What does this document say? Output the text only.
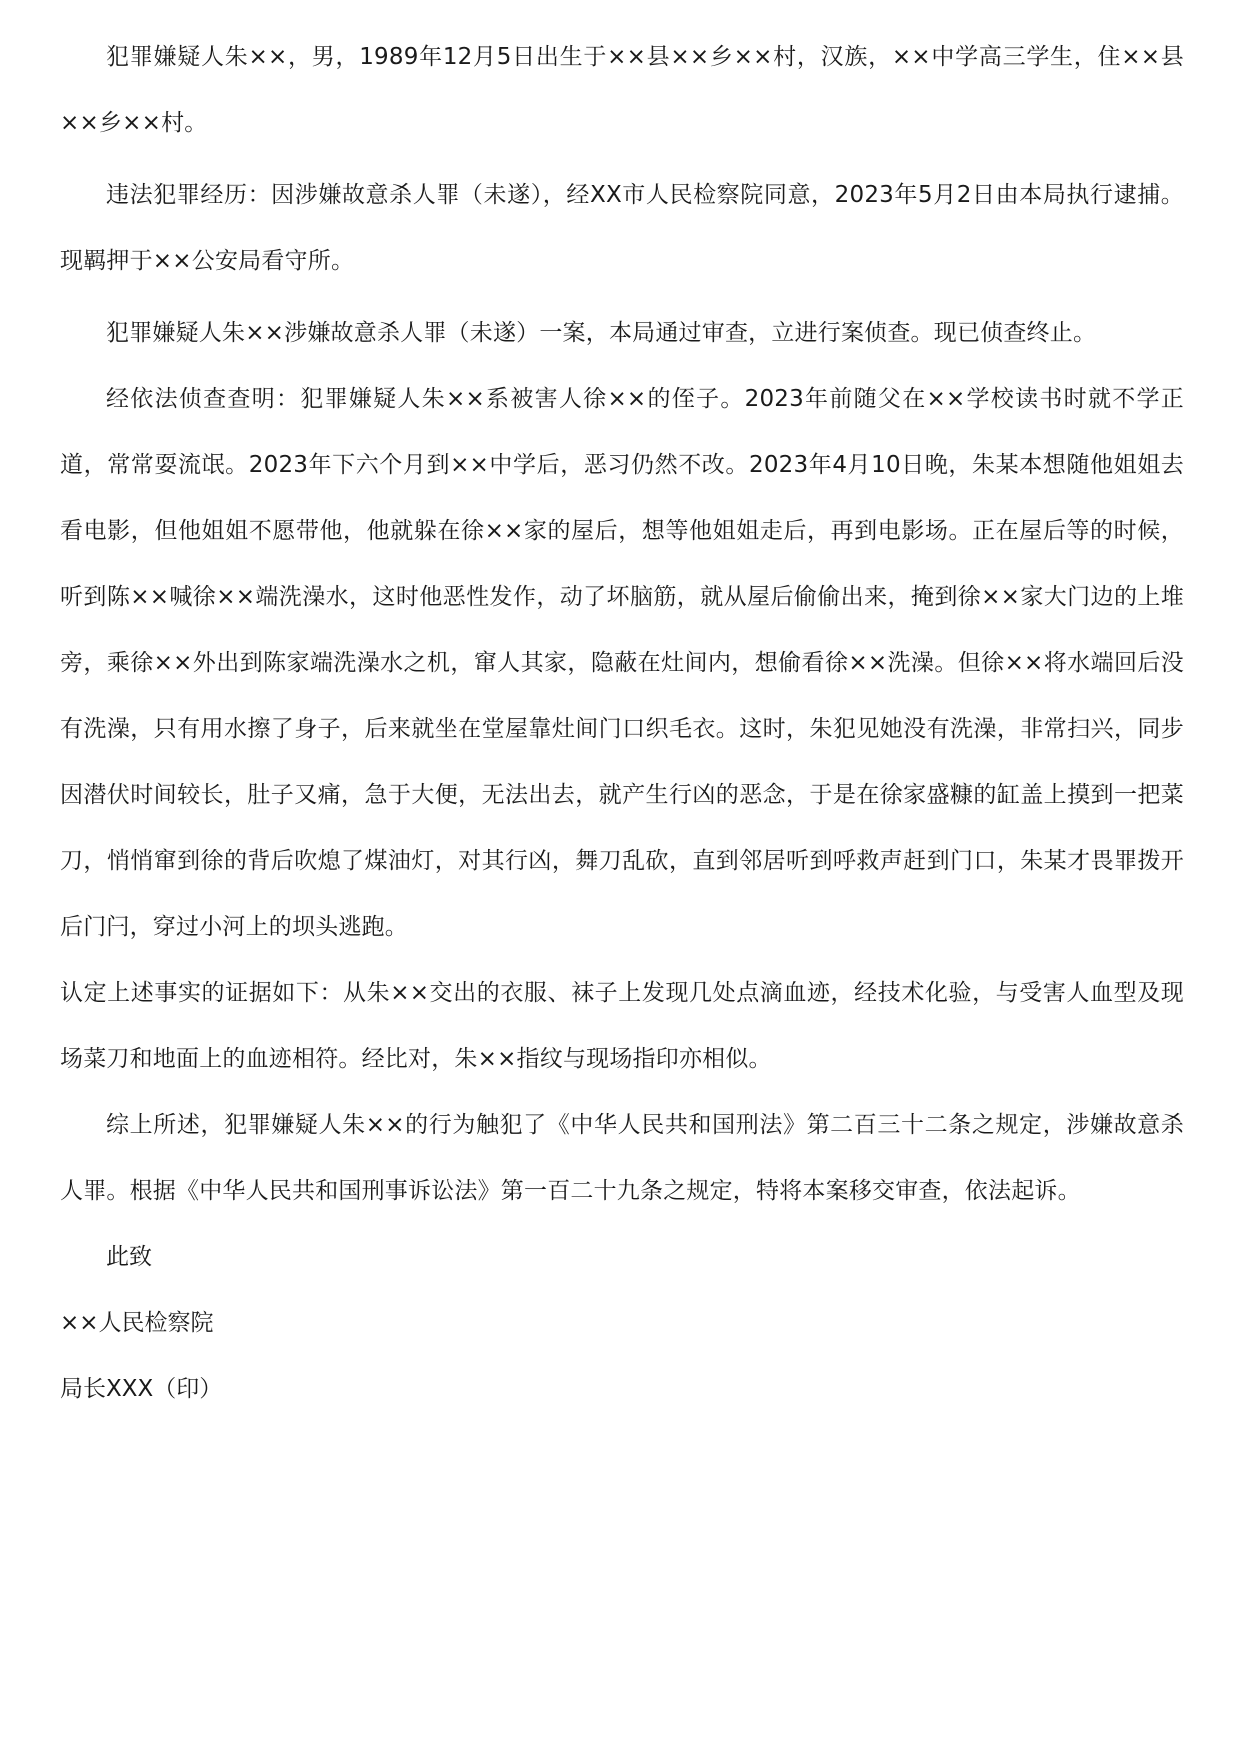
犯罪嫌疑人朱××，男，1989年12月5日出生于××县××乡××村，汉族，××中学高三学生，住××县××乡××村。

违法犯罪经历：因涉嫌故意杀人罪（未遂），经XX市人民检察院同意，2023年5月2日由本局执行逮捕。现羁押于××公安局看守所。

犯罪嫌疑人朱××涉嫌故意杀人罪（未遂）一案，本局通过审查，立进行案侦查。现已侦查终止。

经依法侦查查明：犯罪嫌疑人朱××系被害人徐××的侄子。2023年前随父在××学校读书时就不学正道，常常耍流氓。2023年下六个月到××中学后，恶习仍然不改。2023年4月10日晚，朱某本想随他姐姐去看电影，但他姐姐不愿带他，他就躲在徐××家的屋后，想等他姐姐走后，再到电影场。正在屋后等的时候，听到陈××喊徐××端洗澡水，这时他恶性发作，动了坏脑筋，就从屋后偷偷出来，掩到徐××家大门边的上堆旁，乘徐××外出到陈家端洗澡水之机，窜人其家，隐蔽在灶间内，想偷看徐××洗澡。但徐××将水端回后没有洗澡，只有用水擦了身子，后来就坐在堂屋靠灶间门口织毛衣。这时，朱犯见她没有洗澡，非常扫兴，同步因潜伏时间较长，肚子又痛，急于大便，无法出去，就产生行凶的恶念，于是在徐家盛糠的缸盖上摸到一把菜刀，悄悄窜到徐的背后吹熄了煤油灯，对其行凶，舞刀乱砍，直到邻居听到呼救声赶到门口，朱某才畏罪拨开后门闩，穿过小河上的坝头逃跑。

认定上述事实的证据如下：从朱××交出的衣服、袜子上发现几处点滴血迹，经技术化验，与受害人血型及现场菜刀和地面上的血迹相符。经比对，朱××指纹与现场指印亦相似。

综上所述，犯罪嫌疑人朱××的行为触犯了《中华人民共和国刑法》第二百三十二条之规定，涉嫌故意杀人罪。根据《中华人民共和国刑事诉讼法》第一百二十九条之规定，特将本案移交审查，依法起诉。

此致

××人民检察院

局长XXX（印）
